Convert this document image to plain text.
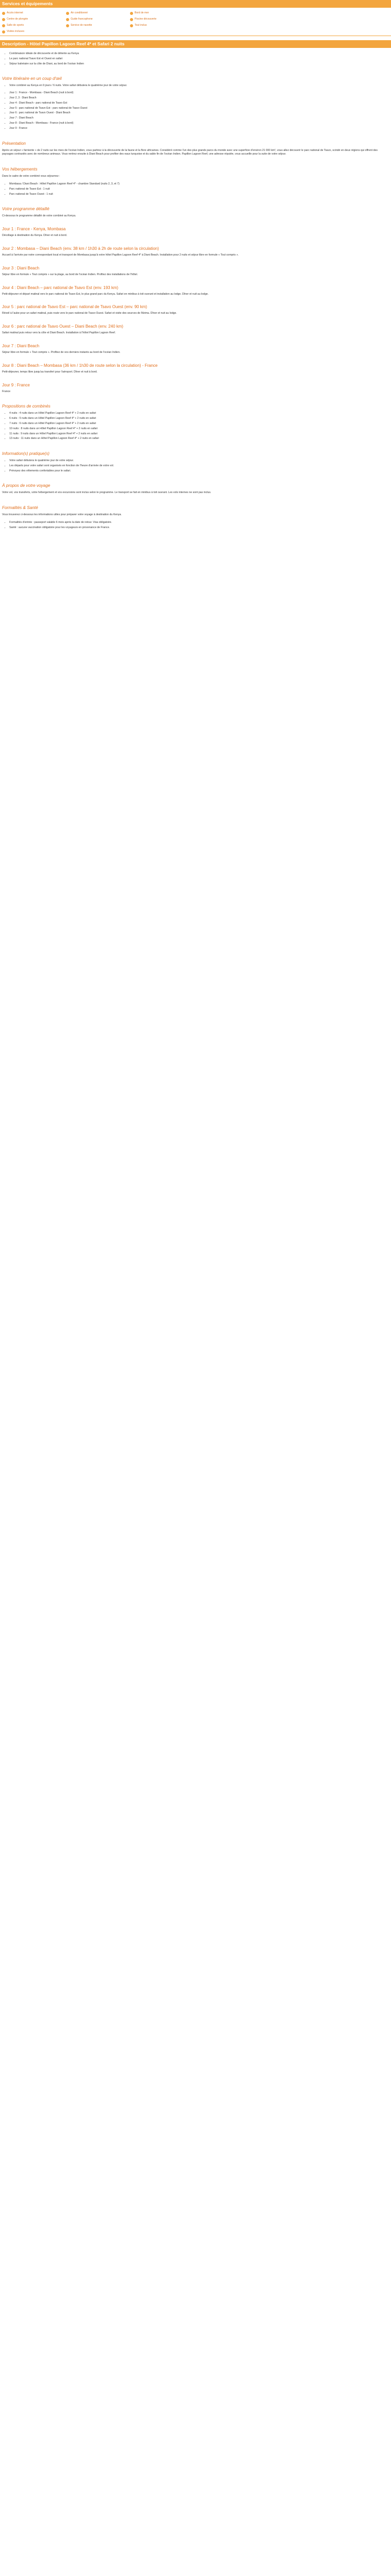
Services et équipements
Accès internet	Air conditionné	Bord de mer
Centre de plongée	Guide francophone	Piscine découverte
Salle de sports	Service de navette	Tout inclus
Visites incluses
Description - Hôtel Papillon Lagoon Reef 4* et Safari 2 nuits
• Combinaison idéale de découverte et de détente au Kenya
• Le parc national Tsavo Est et Ouest en safari
• Séjour balnéaire sur la côte de Diani, au bord de l'océan Indien
Votre itinéraire en un coup d'œil
• Votre combiné au Kenya en 9 jours / 6 nuits. Votre safari débutera le quatrième jour de votre séjour.
• Jour 1 : France - Mombasa - Diani Beach (nuit à bord)
• Jour 2, 3 : Diani Beach
• Jour 4 : Diani Beach - parc national de Tsavo Est
• Jour 5 : parc national de Tsavo Est - parc national de Tsavo Ouest
• Jour 6 : parc national de Tsavo Ouest - Diani Beach
• Jour 7 : Diani Beach
• Jour 8 : Diani Beach - Mombasa - France (nuit à bord)
• Jour 9 : France
Présentation
Après un séjour « farniente » de 2 nuits sur les rives de l'océan Indien, vous partirez à la découverte de la faune et la flore africaines. Considéré comme l'un des plus grands parcs du monde avec une superficie d'environ 21 000 km², vous allez découvrir le parc national de Tsavo, scindé en deux régions qui offrent des paysages contrastés avec de nombreux animaux. Vous rentrez ensuite à Diani Beach pour profiter des eaux turquoise et du sable fin de l'océan Indien. Papillon Lagoon Reef, une adresse réputée, vous accueille pour la suite de votre séjour.
Vos hébergements
Dans le cadre de votre combiné vous séjournez :
• Mombasa / Diani Beach : Hôtel Papillon Lagoon Reef 4* - chambre Standard (nuits 2, 3, et 7)
• Parc national de Tsavo Est : 1 nuit
• Parc national de Tsavo Ouest : 1 nuit
Votre programme détaillé
Ci-dessous le programme détaillé de votre combiné au Kenya.
Jour 1 : France - Kenya, Mombasa
Décollage à destination du Kenya. Dîner et nuit à bord.
Jour 2 : Mombasa – Diani Beach (env. 38 km / 1h30 à 2h de route selon la circulation)
Accueil à l'arrivée par notre correspondant local et transport de Mombasa jusqu'à votre hôtel Papillon Lagoon Reef 4* à Diani Beach. Installation pour 2 nuits et séjour libre en formule « Tout compris ».
Jour 3 : Diani Beach
Séjour libre en formule « Tout compris » sur la plage, au bord de l'océan Indien. Profitez des installations de l'hôtel.
Jour 4 : Diani Beach – parc national de Tsavo Est (env. 193 km)
Petit-déjeuner et départ matinal vers le parc national de Tsavo Est, le plus grand parc du Kenya. Safari en minibus à toit ouvrant et installation au lodge. Dîner et nuit au lodge.
Jour 5 : parc national de Tsavo Est – parc national de Tsavo Ouest (env. 90 km)
Réveil à l'aube pour un safari matinal, puis route vers le parc national de Tsavo Ouest. Safari et visite des sources de Mzima. Dîner et nuit au lodge.
Jour 6 : parc national de Tsavo Ouest – Diani Beach (env. 240 km)
Safari matinal puis retour vers la côte et Diani Beach. Installation à l'hôtel Papillon Lagoon Reef.
Jour 7 : Diani Beach
Séjour libre en formule « Tout compris ». Profitez de vos derniers instants au bord de l'océan Indien.
Jour 8 : Diani Beach – Mombasa (36 km / 1h30 de route selon la circulation) - France
Petit-déjeuner, temps libre jusqu'au transfert pour l'aéroport. Dîner et nuit à bord.
Jour 9 : France
France
Propositions de combinés
• 4 nuits : 4 nuits dans un Hôtel Papillon Lagoon Reef 4* + 2 nuits en safari
• 6 nuits : 5 nuits dans un Hôtel Papillon Lagoon Reef 4* + 2 nuits en safari
• 7 nuits : 6 nuits dans un Hôtel Papillon Lagoon Reef 4* + 2 nuits en safari
• 10 nuits : 8 nuits dans un Hôtel Papillon Lagoon Reef 4* + 2 nuits en safari
• 11 nuits : 9 nuits dans un Hôtel Papillon Lagoon Reef 4* + 2 nuits en safari
• 13 nuits : 11 nuits dans un Hôtel Papillon Lagoon Reef 4* + 2 nuits en safari
Information(s) pratique(s)
• Votre safari débutera le quatrième jour de votre séjour.
• Les départs pour votre safari sont organisés en fonction de l'heure d'arrivée de votre vol.
• Prévoyez des vêtements confortables pour le safari.
À propos de votre voyage
Votre vol, vos transferts, votre hébergement et vos excursions sont inclus selon le programme. Le transport se fait en minibus à toit ouvrant. Les vols internes ne sont pas inclus.
Formalités & Santé
Vous trouverez ci-dessous les informations utiles pour préparer votre voyage à destination du Kenya.
• Formalités d'entrée : passeport valable 6 mois après la date de retour. Visa obligatoire.
• Santé : aucune vaccination obligatoire pour les voyageurs en provenance de France.
